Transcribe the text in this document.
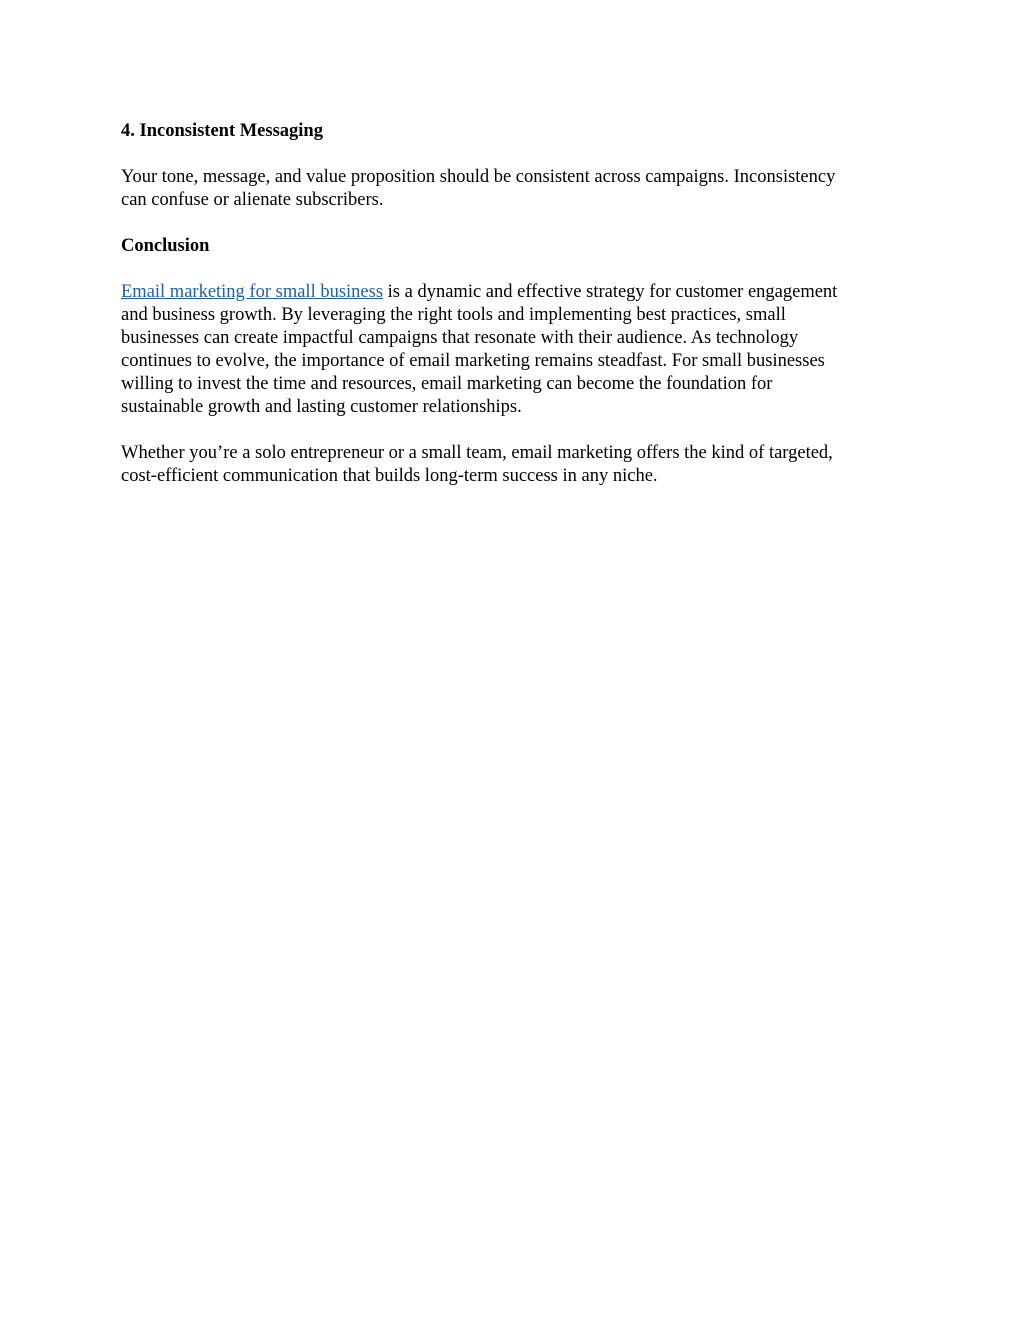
4. Inconsistent Messaging
Your tone, message, and value proposition should be consistent across campaigns. Inconsistency
can confuse or alienate subscribers.
Conclusion
Email marketing for small business is a dynamic and effective strategy for customer engagement
and business growth. By leveraging the right tools and implementing best practices, small
businesses can create impactful campaigns that resonate with their audience. As technology
continues to evolve, the importance of email marketing remains steadfast. For small businesses
willing to invest the time and resources, email marketing can become the foundation for
sustainable growth and lasting customer relationships.
Whether you’re a solo entrepreneur or a small team, email marketing offers the kind of targeted,
cost-efficient communication that builds long-term success in any niche.
